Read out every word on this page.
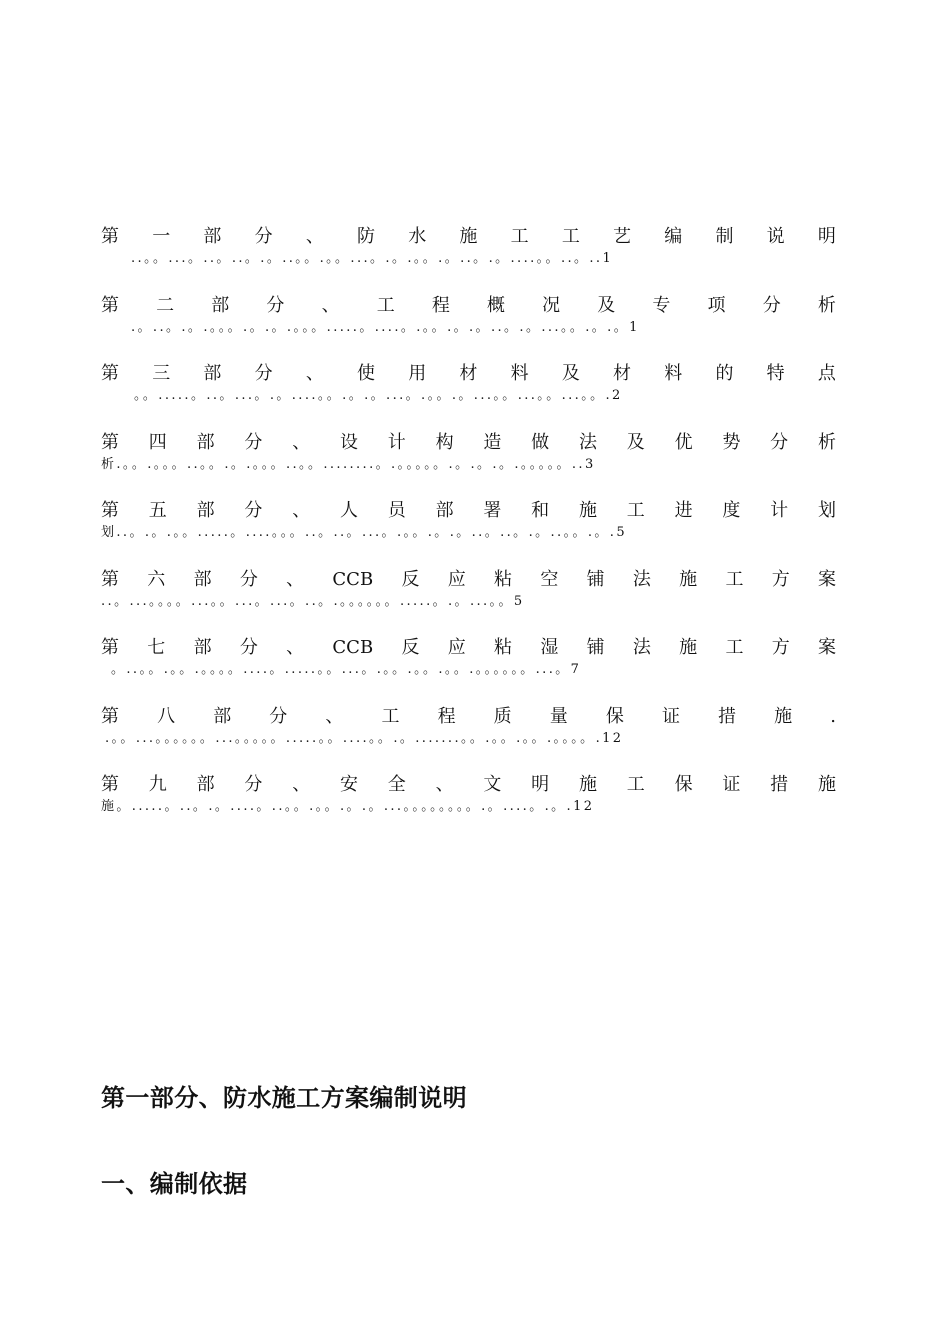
第 一 部 分 、 防 水 施 工 工 艺 编 制 说 明
..。。...。..。..。.。..。。.。。...。.。.。。.。..。.。....。。..。..1
第 二 部 分 、 工 程 概 况 及 专 项 分 析
.。..。.。.。。。.。.。.。。。.....。....。.。。.。.。..。.。...。。.。.。1
第 三 部 分 、 使 用 材 料 及 材 料 的 特 点
。。.....。..。...。.。....。。.。.。...。.。。.。...。。...。。...。。.2
第 四 部 分 、 设 计 构 造 做 法 及 优 势 分 析
析.。。.。。。..。。.。.。。。..。。........。.。。。。。.。.。.。.。。。。。..3
第 五 部 分 、 人 员 部 署 和 施 工 进 度 计 划
划..。.。.。。.....。....。。。..。..。...。.。。.。.。..。..。.。..。。.。.5
第 六 部 分 、 CCB 反 应 粘 空 铺 法 施 工 方 案
..。...。。。。...。。...。...。..。.。。。。。。.....。.。...。。5
第 七 部 分 、 CCB 反 应 粘 湿 铺 法 施 工 方 案
。..。。.。。.。。。。....。.....。。...。.。。.。。.。。.。。。。。。...。7
第 八 部 分 、 工 程 质 量 保 证 措 施 .
.。。...。。。。。。...。。。。。.....。。....。。.。.......。。.。。.。。.。。。。.12
第 九 部 分 、 安 全 、 文 明 施 工 保 证 措 施
施。.....。..。.。....。..。。.。。.。.。...。。。。。。。。.。....。.。.12
第一部分、防水施工方案编制说明
一、编制依据
